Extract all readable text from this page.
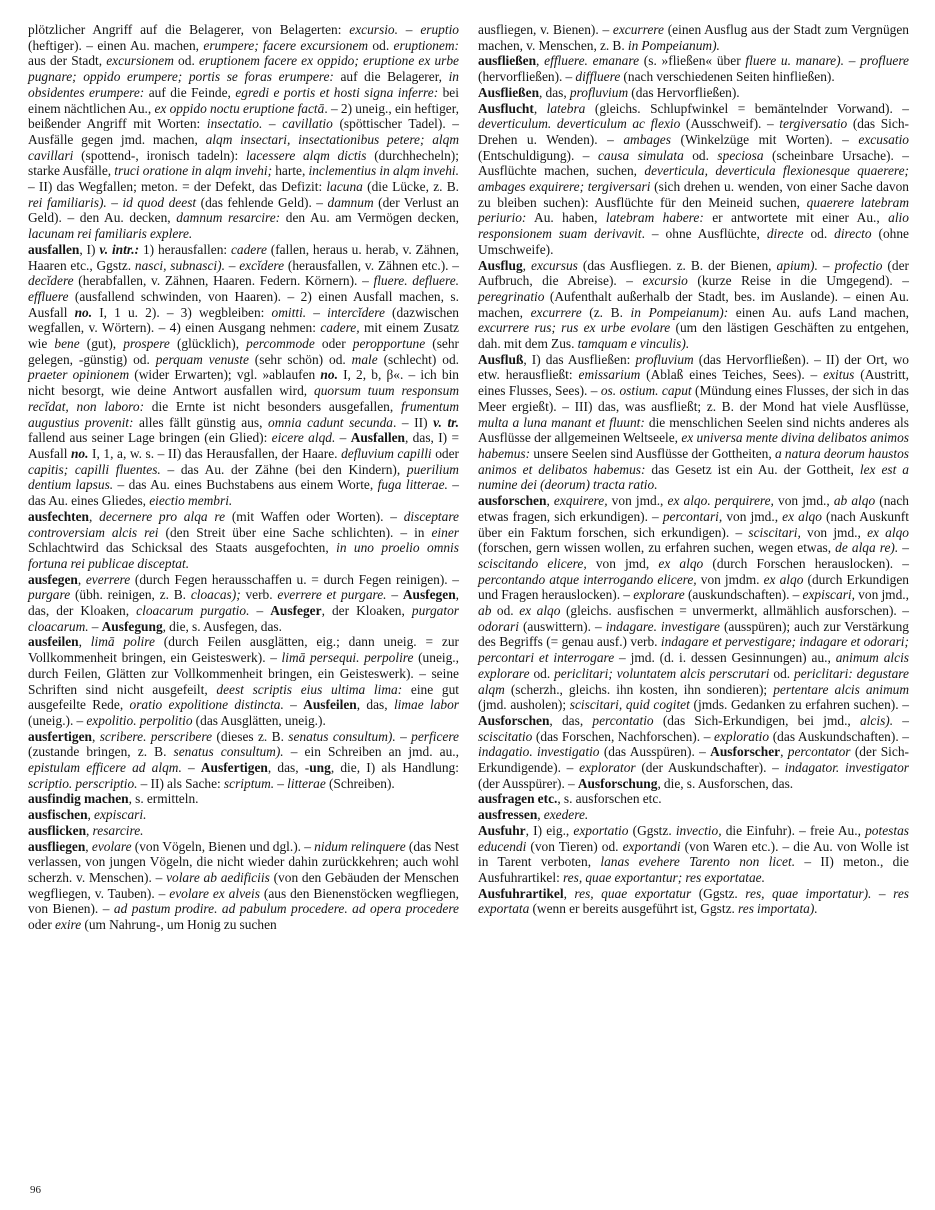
plötzlicher Angriff auf die Belagerer, von Belagerten: excursio. – eruptio (heftiger). – einen Au. machen, erumpere; facere excursionem od. eruptionem: aus der Stadt, excursionem od. eruptionem facere ex oppido; eruptione ex urbe pugnare; oppido erumpere; portis se foras erumpere: auf die Belagerer, in obsidentes erumpere: auf die Feinde, egredi e portis et hosti signa inferre: bei einem nächtlichen Au., ex oppido noctu eruptione factā. – 2) uneig., ein heftiger, beißender Angriff mit Worten: insectatio. – cavillatio (spöttischer Tadel). – Ausfälle gegen jmd. machen, alqm insectari, insectationibus petere; alqm cavillari (spottend-, ironisch tadeln): lacessere alqm dictis (durchhecheln); starke Ausfälle, truci oratione in alqm invehi; harte, inclementius in alqm invehi. – II) das Wegfallen; meton. = der Defekt, das Defizit: lacuna (die Lücke, z. B. rei familiaris). – id quod deest (das fehlende Geld). – damnum (der Verlust an Geld). – den Au. decken, damnum resarcire: den Au. am Vermögen decken, lacunam rei familiaris explere.

ausfallen, I) v. intr.: 1) herausfallen: cadere (fallen, heraus u. herab, v. Zähnen, Haaren etc., Ggstz. nasci, subnasci). – excĭdere (herausfallen, v. Zähnen etc.). – decĭdere (herabfallen, v. Zähnen, Haaren. Federn. Körnern). – fluere. defluere. effluere (ausfallend schwinden, von Haaren). – 2) einen Ausfall machen, s. Ausfall no. I, 1 u. 2). – 3) wegbleiben: omitti. – intercĭdere (dazwischen wegfallen, v. Wörtern). – 4) einen Ausgang nehmen: cadere, mit einem Zusatz wie bene (gut), prospere (glücklich), percommode oder peropportune (sehr gelegen, -günstig) od. perquam venuste (sehr schön) od. male (schlecht) od. praeter opinionem (wider Erwarten); vgl. »ablaufen no. I, 2, b, β«. – ich bin nicht besorgt, wie deine Antwort ausfallen wird, quorsum tuum responsum recĭdat, non laboro: die Ernte ist nicht besonders ausgefallen, frumentum augustius provenit: alles fällt günstig aus, omnia cadunt secunda. – II) v. tr. fallend aus seiner Lage bringen (ein Glied): eicere alqd. – Ausfallen, das, I) = Ausfall no. I, 1, a, w. s. – II) das Herausfallen, der Haare. defluvium capilli oder capitis; capilli fluentes. – das Au. der Zähne (bei den Kindern), puerilium dentium lapsus. – das Au. eines Buchstabens aus einem Worte, fuga litterae. – das Au. eines Gliedes, eiectio membri.

ausfechten, decernere pro alqa re (mit Waffen oder Worten). – disceptare controversiam alcis rei (den Streit über eine Sache schlichten). – in einer Schlachtwird das Schicksal des Staats ausgefochten, in uno proelio omnis fortuna rei publicae disceptat.

ausfegen, everrere (durch Fegen herausschaffen u. = durch Fegen reinigen). – purgare (übh. reinigen, z. B. cloacas); verb. everrere et purgare. – Ausfegen, das, der Kloaken, cloacarum purgatio. – Ausfeger, der Kloaken, purgator cloacarum. – Ausfegung, die, s. Ausfegen, das.

ausfeilen, limā polire (durch Feilen ausglätten, eig.; dann uneig. = zur Vollkommenheit bringen, ein Geisteswerk). – limā persequi. perpolire (uneig., durch Feilen, Glätten zur Vollkommenheit bringen, ein Geisteswerk). – seine Schriften sind nicht ausgefeilt, deest scriptis eius ultima lima: eine gut ausgefeilte Rede, oratio expolitione distincta. – Ausfeilen, das, limae labor (uneig.). – expolitio. perpolitio (das Ausglätten, uneig.).

ausfertigen, scribere. perscribere (dieses z. B. senatus consultum). – perficere (zustande bringen, z. B. senatus consultum). – ein Schreiben an jmd. au., epistulam efficere ad alqm. – Ausfertigen, das, -ung, die, I) als Handlung: scriptio. perscriptio. – II) als Sache: scriptum. – litterae (Schreiben).

ausfindig machen, s. ermitteln.

ausfischen, expiscari.

ausflicken, resarcire.

ausfliegen, evolare (von Vögeln, Bienen und dgl.). – nidum relinquere (das Nest verlassen, von jungen Vögeln, die nicht wieder dahin zurückkehren; auch wohl scherzh. v. Menschen). – volare ab aedificiis (von den Gebäuden der Menschen wegfliegen, v. Tauben). – evolare ex alveis (aus den Bienenstöcken wegfliegen, von Bienen). – ad pastum prodire. ad pabulum procedere. ad opera procedere oder exire (um Nahrung-, um Honig zu suchen

ausfliegen, v. Bienen). – excurrere (einen Ausflug aus der Stadt zum Vergnügen machen, v. Menschen, z. B. in Pompeianum).

ausfließen, effluere. emanare (s. »fließen« über fluere u. manare). – profluere (hervorfließen). – diffluere (nach verschiedenen Seiten hinfließen).

Ausfließen, das, profluvium (das Hervorfließen).

Ausflucht, latebra (gleichs. Schlupfwinkel = bemäntelnder Vorwand). – deverticulum. deverticulum ac flexio (Ausschweif). – tergiversatio (das Sich-Drehen u. Wenden). – ambages (Winkelzüge mit Worten). – excusatio (Entschuldigung). – causa simulata od. speciosa (scheinbare Ursache). – Ausflüchte machen, suchen, deverticula, deverticula flexionesque quaerere; ambages exquirere; tergiversari (sich drehen u. wenden, von einer Sache davon zu bleiben suchen): Ausflüchte für den Meineid suchen, quaerere latebram periurio: Au. haben, latebram habere: er antwortete mit einer Au., alio responsionem suam derivavit. – ohne Ausflüchte, directe od. directo (ohne Umschweife).

Ausflug, excursus (das Ausfliegen. z. B. der Bienen, apium). – profectio (der Aufbruch, die Abreise). – excursio (kurze Reise in die Umgegend). – peregrinatio (Aufenthalt außerhalb der Stadt, bes. im Auslande). – einen Au. machen, excurrere (z. B. in Pompeianum): einen Au. aufs Land machen, excurrere rus; rus ex urbe evolare (um den lästigen Geschäften zu entgehen, dah. mit dem Zus. tamquam e vinculis).

Ausfluß, I) das Ausfließen: profluvium (das Hervorfließen). – II) der Ort, wo etw. herausfließt: emissarium (Ablaß eines Teiches, Sees). – exitus (Austritt, eines Flusses, Sees). – os. ostium. caput (Mündung eines Flusses, der sich in das Meer ergießt). – III) das, was ausfließt; z. B. der Mond hat viele Ausflüsse, multa a luna manant et fluunt: die menschlichen Seelen sind nichts anderes als Ausflüsse der allgemeinen Weltseele, ex universa mente divina delibatos animos habemus: unsere Seelen sind Ausflüsse der Gottheiten, a natura deorum haustos animos et delibatos habemus: das Gesetz ist ein Au. der Gottheit, lex est a numine dei (deorum) tracta ratio.

ausforschen, exquirere, von jmd., ex alqo. perquirere, von jmd., ab alqo (nach etwas fragen, sich erkundigen). – percontari, von jmd., ex alqo (nach Auskunft über ein Faktum forschen, sich erkundigen). – sciscitari, von jmd., ex alqo (forschen, gern wissen wollen, zu erfahren suchen, wegen etwas, de alqa re). – sciscitando elicere, von jmd, ex alqo (durch Forschen herauslocken). – percontando atque interrogando elicere, von jmdm. ex alqo (durch Erkundigen und Fragen herauslocken). – explorare (auskundschaften). – expiscari, von jmd., ab od. ex alqo (gleichs. ausfischen = unvermerkt, allmählich ausforschen). – odorari (auswittern). – indagare. investigare (ausspüren); auch zur Verstärkung des Begriffs (= genau ausf.) verb. indagare et pervestigare; indagare et odorari; percontari et interrogare – jmd. (d. i. dessen Gesinnungen) au., animum alcis explorare od. periclitari; voluntatem alcis perscrutari od. periclitari: degustare alqm (scherzh., gleichs. ihn kosten, ihn sondieren); pertentare alcis animum (jmd. ausholen); sciscitari, quid cogitet (jmds. Gedanken zu erfahren suchen). – Ausforschen, das, percontatio (das Sich-Erkundigen, bei jmd., alcis). – sciscitatio (das Forschen, Nachforschen). – exploratio (das Auskundschaften). – indagatio. investigatio (das Ausspüren). – Ausforscher, percontator (der Sich-Erkundigende). – explorator (der Auskundschafter). – indagator. investigator (der Ausspürer). – Ausforschung, die, s. Ausforschen, das.

ausfragen etc., s. ausforschen etc.

ausfressen, exedere.

Ausfuhr, I) eig., exportatio (Ggstz. invectio, die Einfuhr). – freie Au., potestas educendi (von Tieren) od. exportandi (von Waren etc.). – die Au. von Wolle ist in Tarent verboten, lanas evehere Tarento non licet. – II) meton., die Ausfuhrartikel: res, quae exportantur; res exportatae.

Ausfuhrartikel, res, quae exportatur (Ggstz. res, quae importatur). – res exportata (wenn er bereits ausgeführt ist, Ggstz. res importata).

96
